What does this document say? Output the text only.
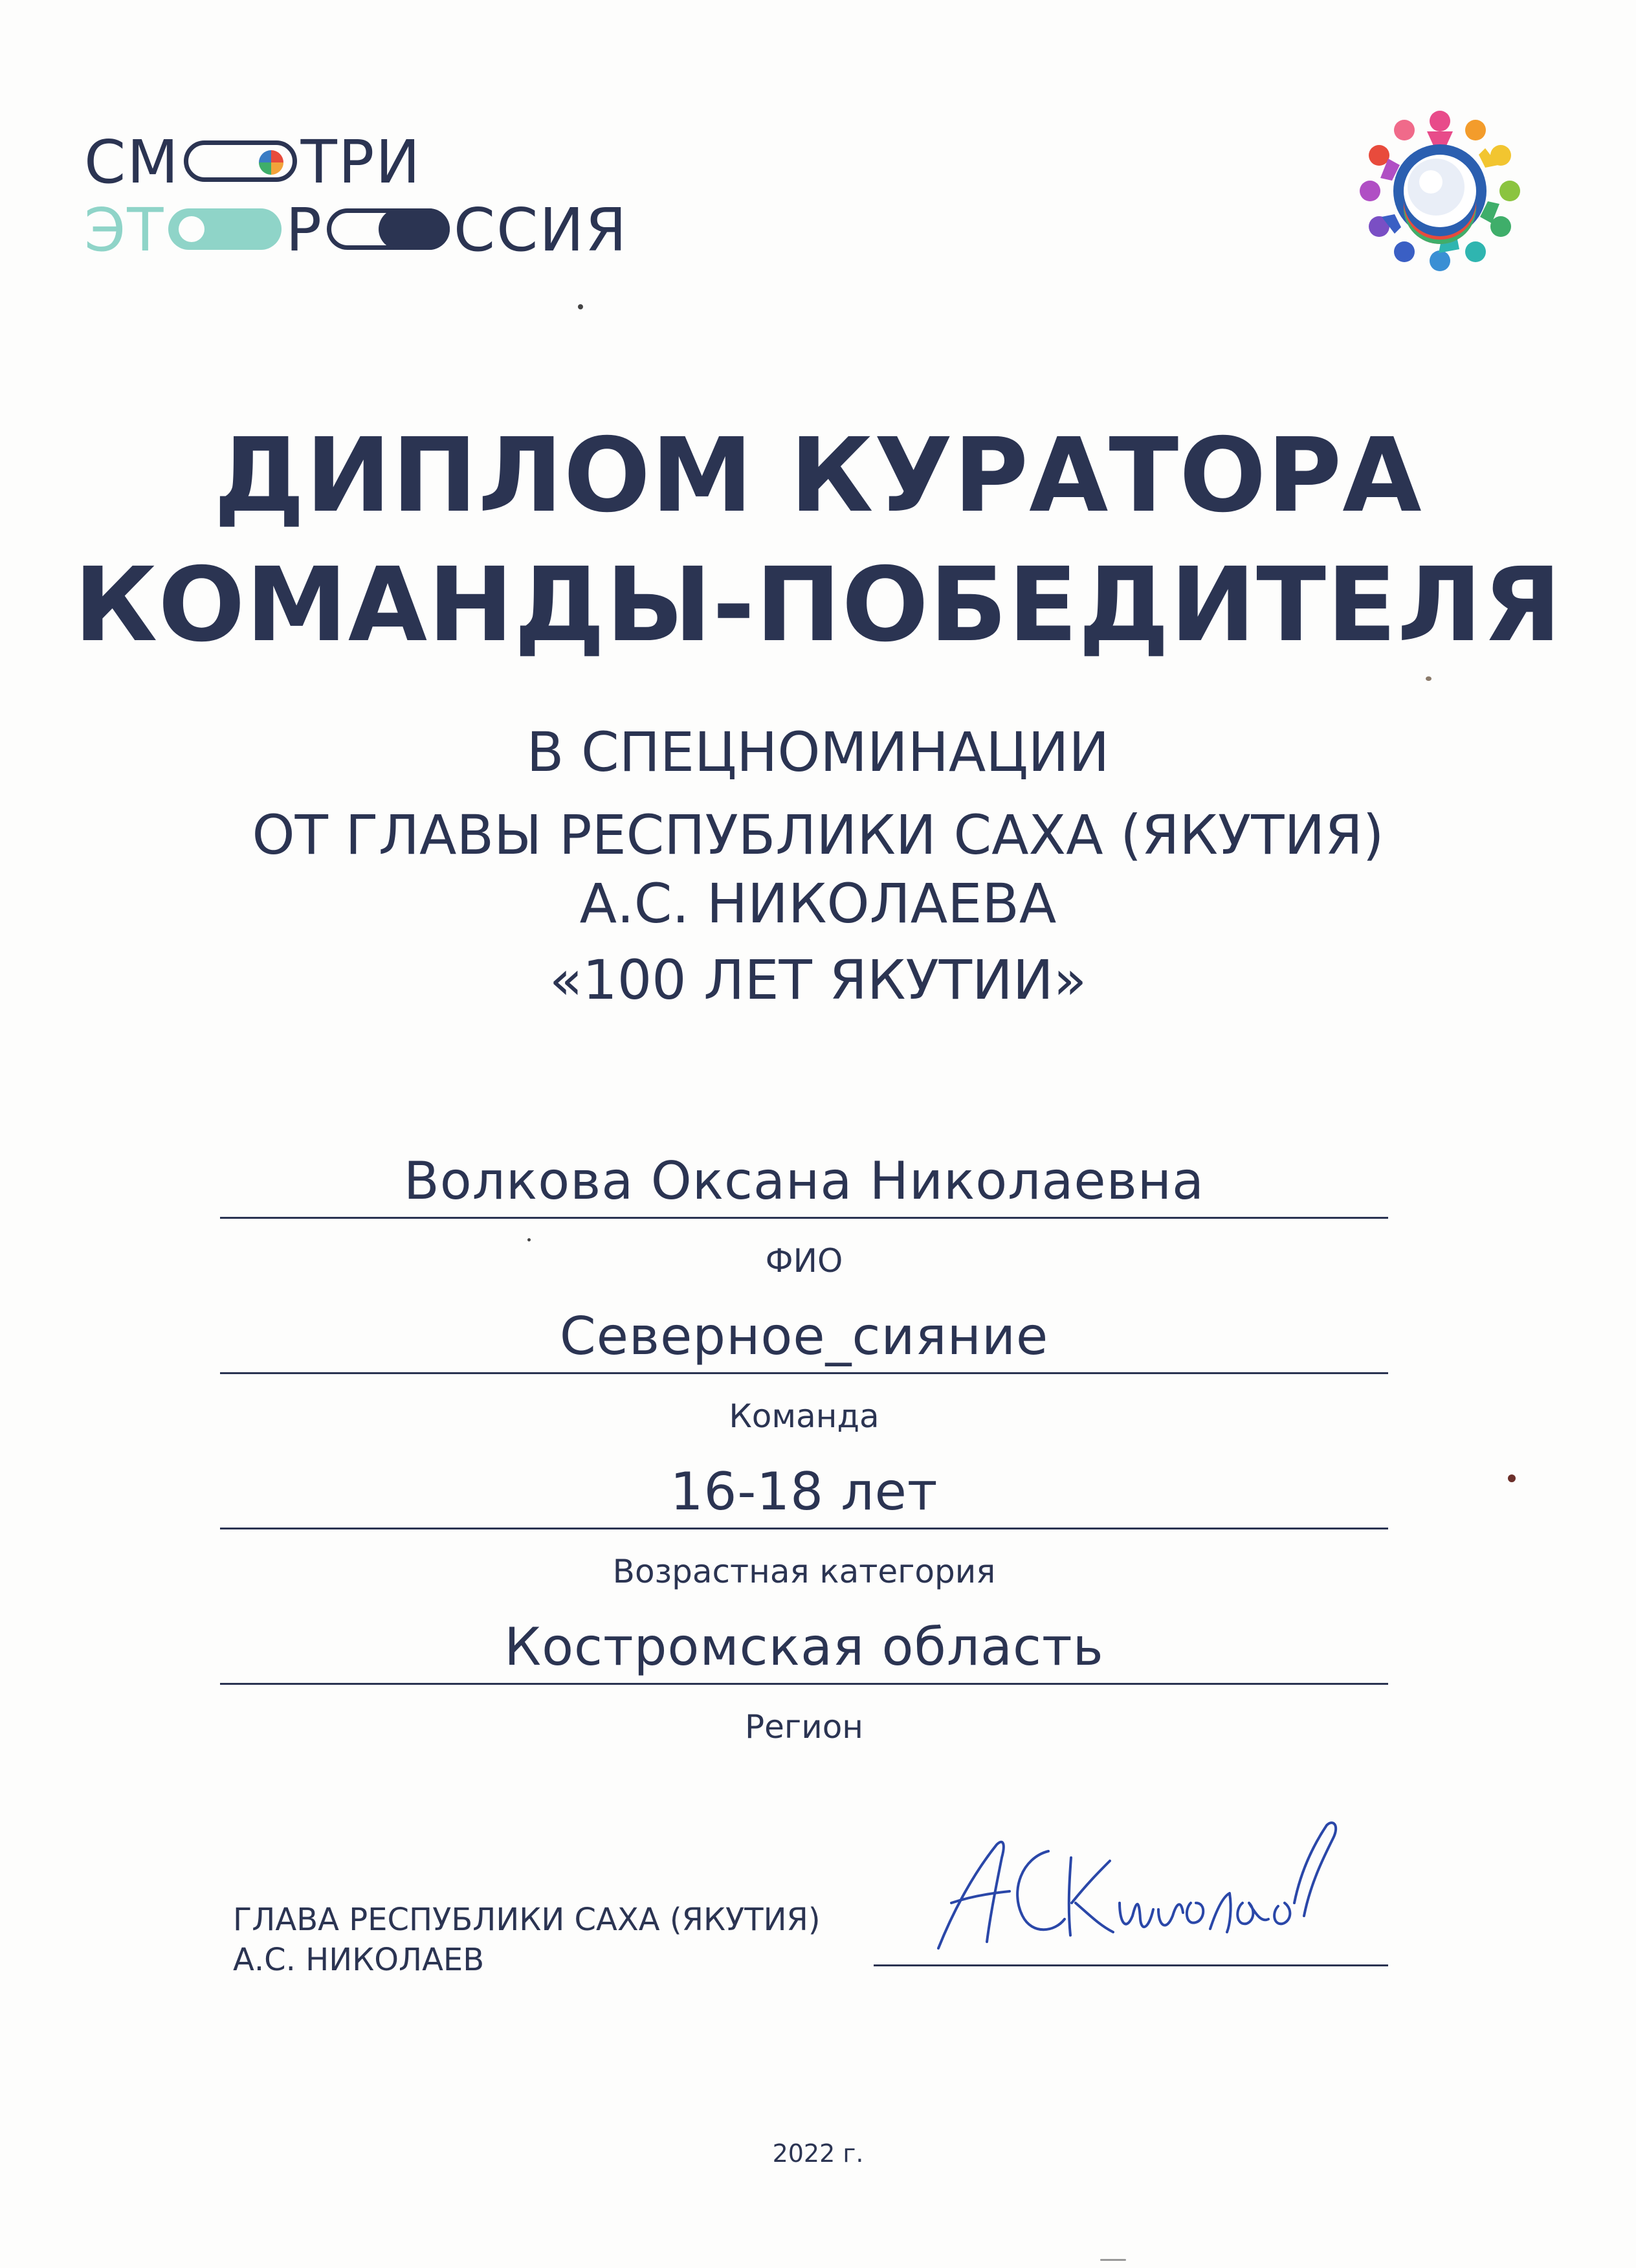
СМ ТРИ
ЭТ Р ССИЯ
ДИПЛОМ КУРАТОРА
КОМАНДЫ-ПОБЕДИТЕЛЯ
В СПЕЦНОМИНАЦИИ
ОТ ГЛАВЫ РЕСПУБЛИКИ САХА (ЯКУТИЯ)
А.С. НИКОЛАЕВА
«100 ЛЕТ ЯКУТИИ»
Волкова Оксана Николаевна
ФИО
Северное_сияние
Команда
16-18 лет
Возрастная категория
Костромская область
Регион
ГЛАВА РЕСПУБЛИКИ САХА (ЯКУТИЯ)
А.С. НИКОЛАЕВ
2022 г.
